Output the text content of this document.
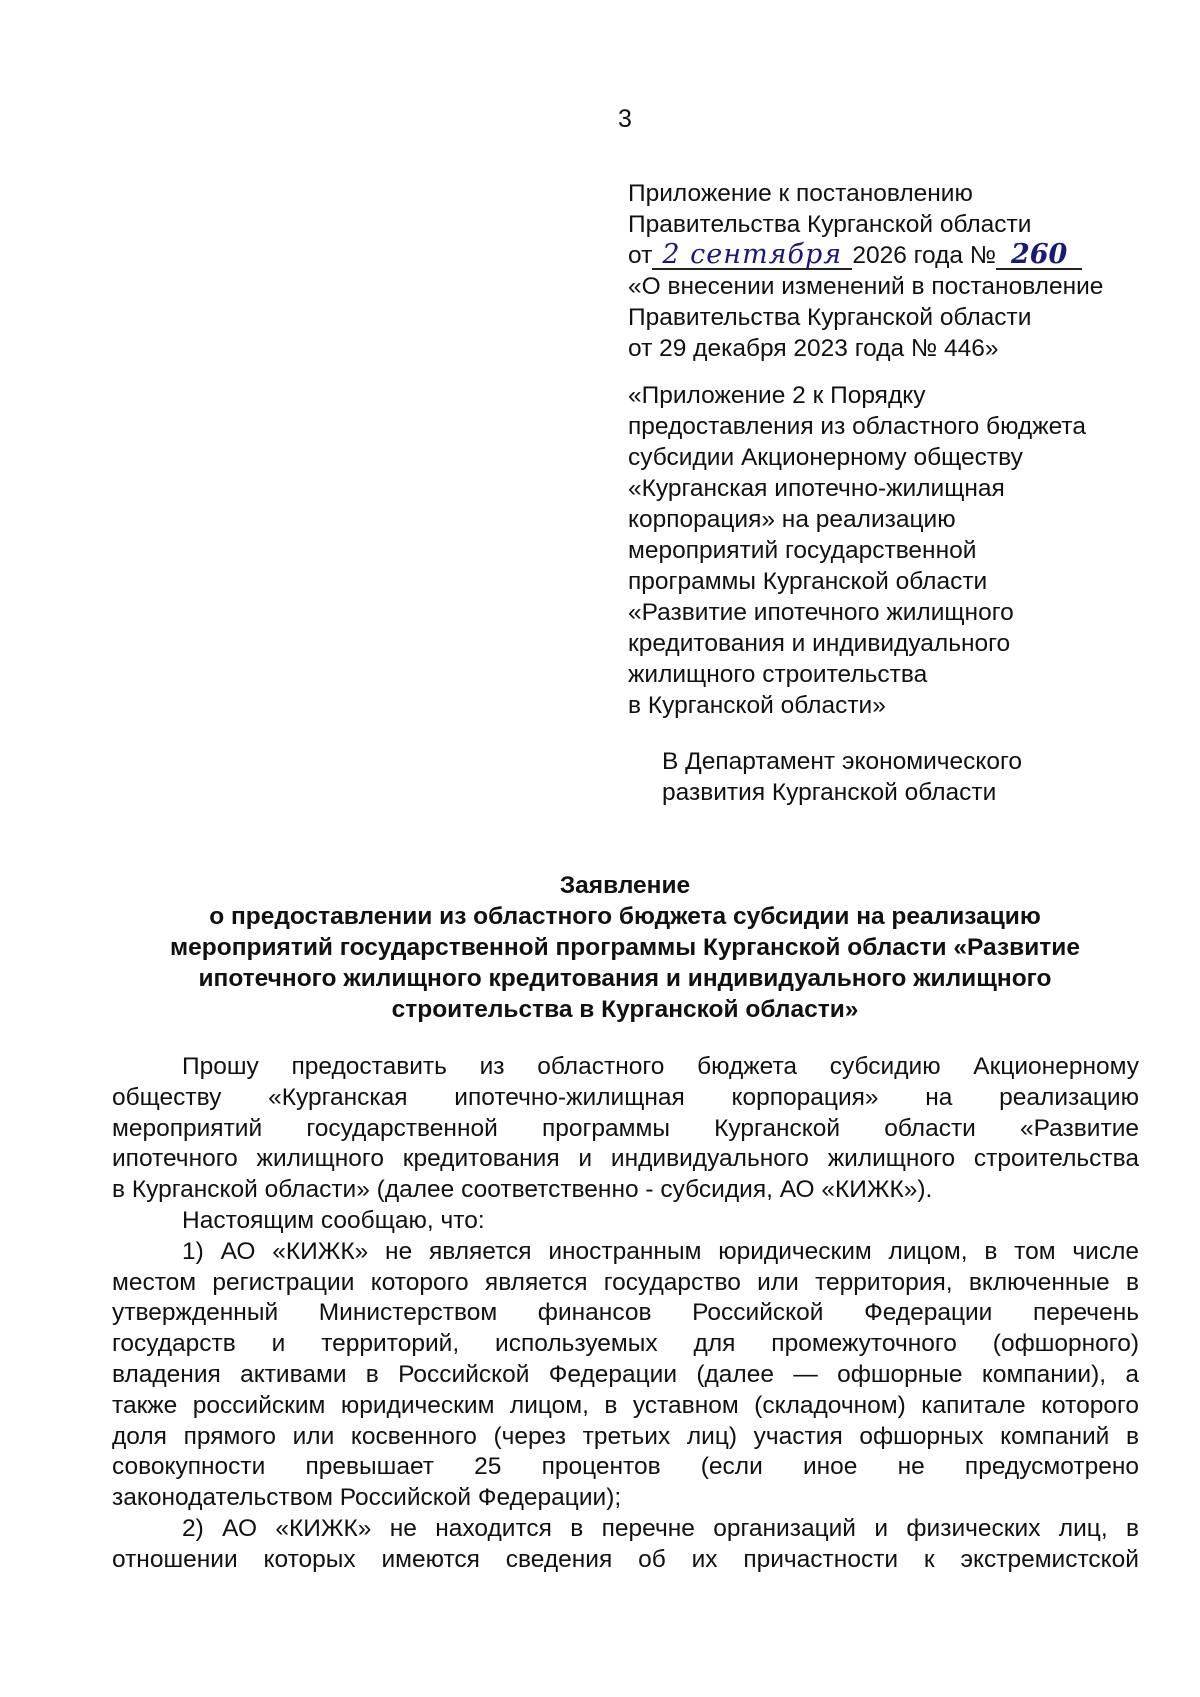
3
Приложение к постановлению
Правительства Курганской области
от 2 сентября 2026 года № 260
«О внесении изменений в постановление
Правительства Курганской области
от 29 декабря 2023 года № 446»
«Приложение 2 к Порядку
предоставления из областного бюджета
субсидии Акционерному обществу
«Курганская ипотечно-жилищная
корпорация» на реализацию
мероприятий государственной
программы Курганской области
«Развитие ипотечного жилищного
кредитования и индивидуального
жилищного строительства
в Курганской области»
В Департамент экономического
развития Курганской области
Заявление
о предоставлении из областного бюджета субсидии на реализацию
мероприятий государственной программы Курганской области «Развитие
ипотечного жилищного кредитования и индивидуального жилищного
строительства в Курганской области»
Прошу предоставить из областного бюджета субсидию Акционерному
обществу «Курганская ипотечно-жилищная корпорация» на реализацию
мероприятий государственной программы Курганской области «Развитие
ипотечного жилищного кредитования и индивидуального жилищного строительства
в Курганской области» (далее соответственно - субсидия, АО «КИЖК»).
Настоящим сообщаю, что:
1) АО «КИЖК» не является иностранным юридическим лицом, в том числе
местом регистрации которого является государство или территория, включенные в
утвержденный Министерством финансов Российской Федерации перечень
государств и территорий, используемых для промежуточного (офшорного)
владения активами в Российской Федерации (далее — офшорные компании), а
также российским юридическим лицом, в уставном (складочном) капитале которого
доля прямого или косвенного (через третьих лиц) участия офшорных компаний в
совокупности превышает 25 процентов (если иное не предусмотрено
законодательством Российской Федерации);
2) АО «КИЖК» не находится в перечне организаций и физических лиц, в
отношении которых имеются сведения об их причастности к экстремистской
